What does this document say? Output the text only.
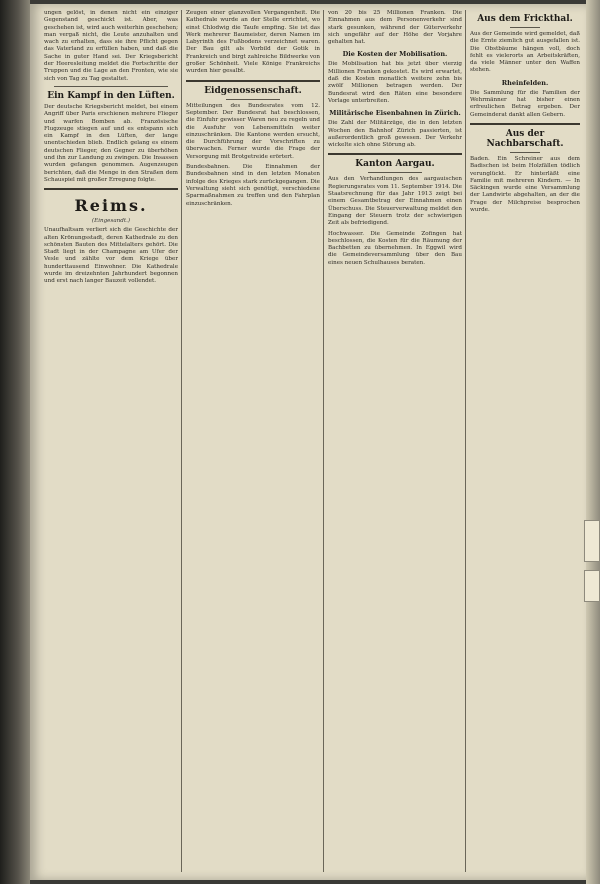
ungen gelöst, in denen nicht ein einziger Gegenstand geschickt ist. Aber, was geschehen ist, wird auch weiterhin geschehen; man vergaß nicht, die Leute anzuhalten und wach zu erhalten, dass sie ihre Pflicht gegen das Vaterland zu erfüllen haben, und daß die Sache in guter Hand sei. Der Kriegsbericht der Heeresleitung meldet die Fortschritte der Truppen und die Lage an den Fronten, wie sie sich von Tag zu Tag gestaltet.

Ein Kampf in den Lüften.

Der deutsche Kriegsbericht meldet, bei einem Angriff über Paris erschienen mehrere Flieger und warfen Bomben ab. Französische Flugzeuge stiegen auf und es entspann sich ein Kampf in den Lüften, der lange unentschieden blieb. Endlich gelang es einem deutschen Flieger, den Gegner zu überhöhen und ihn zur Landung zu zwingen. Die Insassen wurden gefangen genommen. Augenzeugen berichten, daß die Menge in den Straßen dem Schauspiel mit großer Erregung folgte.

Reims.
(Eingesandt.)

Unaufhaltsam verliert sich die Geschichte der alten Krönungsstadt, deren Kathedrale zu den schönsten Bauten des Mittelalters gehört. Die Stadt liegt in der Champagne am Ufer der Vesle und zählte vor dem Kriege über hunderttausend Einwohner. Die Kathedrale wurde im dreizehnten Jahrhundert begonnen und erst nach langer Bauzeit vollendet.

Zeugen einer glanzvollen Vergangenheit. Die Kathedrale wurde an der Stelle errichtet, wo einst Chlodwig die Taufe empfing. Sie ist das Werk mehrerer Baumeister, deren Namen im Labyrinth des Fußbodens verzeichnet waren. Der Bau gilt als Vorbild der Gotik in Frankreich und birgt zahlreiche Bildwerke von großer Schönheit. Viele Könige Frankreichs wurden hier gesalbt.

Eidgenossenschaft.

Mitteilungen des Bundesrates vom 12. September. Der Bundesrat hat beschlossen, die Einfuhr gewisser Waren neu zu regeln und die Ausfuhr von Lebensmitteln weiter einzuschränken. Die Kantone werden ersucht, die Durchführung der Vorschriften zu überwachen. Ferner wurde die Frage der Versorgung mit Brotgetreide erörtert.

Bundesbahnen. Die Einnahmen der Bundesbahnen sind in den letzten Monaten infolge des Krieges stark zurückgegangen. Die Verwaltung sieht sich genötigt, verschiedene Sparmaßnahmen zu treffen und den Fahrplan einzuschränken.

von 20 bis 25 Millionen Franken. Die Einnahmen aus dem Personenverkehr sind stark gesunken, während der Güterverkehr sich ungefähr auf der Höhe der Vorjahre gehalten hat.

Die Kosten der Mobilisation.

Die Mobilisation hat bis jetzt über vierzig Millionen Franken gekostet. Es wird erwartet, daß die Kosten monatlich weitere zehn bis zwölf Millionen betragen werden. Der Bundesrat wird den Räten eine besondere Vorlage unterbreiten.

Militärische Eisenbahnen in Zürich.

Die Zahl der Militärzüge, die in den letzten Wochen den Bahnhof Zürich passierten, ist außerordentlich groß gewesen. Der Verkehr wickelte sich ohne Störung ab.

Kanton Aargau.

Aus den Verhandlungen des aargauischen Regierungsrates vom 11. September 1914. Die Staatsrechnung für das Jahr 1913 zeigt bei einem Gesamtbetrag der Einnahmen einen Überschuss. Die Steuerverwaltung meldet den Eingang der Steuern trotz der schwierigen Zeit als befriedigend.

Hochwasser. Die Gemeinde Zofingen hat beschlossen, die Kosten für die Räumung der Bachbetten zu übernehmen. In Eggwil wird die Gemeindeversammlung über den Bau eines neuen Schulhauses beraten.

Aus dem Frickthal.

Aus der Gemeinde wird gemeldet, daß die Ernte ziemlich gut ausgefallen ist. Die Obstbäume hängen voll, doch fehlt es vielerorts an Arbeitskräften, da viele Männer unter den Waffen stehen.

Rheinfelden.

Die Sammlung für die Familien der Wehrmänner hat bisher einen erfreulichen Betrag ergeben. Der Gemeinderat dankt allen Gebern.

Aus der Nachbarschaft.

Baden. Ein Schreiner aus dem Badischen ist beim Holzfällen tödlich verunglückt. Er hinterläßt eine Familie mit mehreren Kindern. — In Säckingen wurde eine Versammlung der Landwirte abgehalten, an der die Frage der Milchpreise besprochen wurde.
